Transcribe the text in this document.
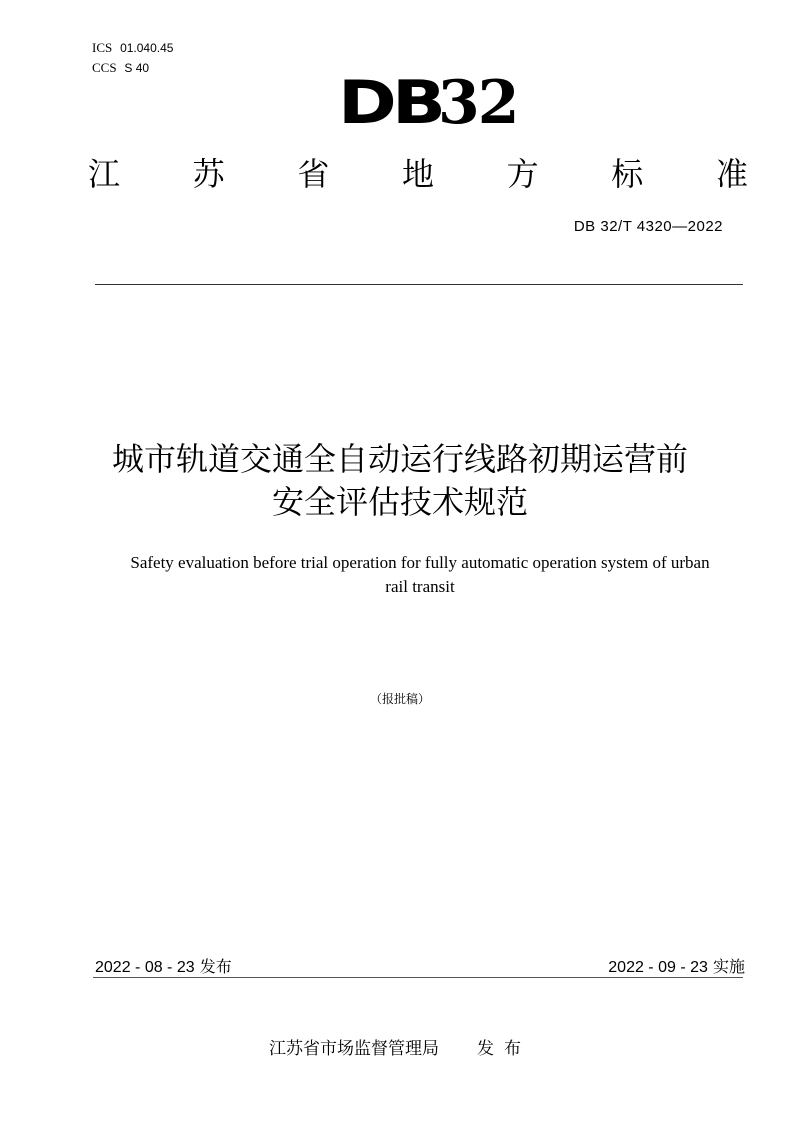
ICS 01.040.45
CCS S 40	DB
32
江 苏 省 地 方 标 准
DB 32/T 4320—2022
城市轨道交通全自动运行线路初期运营前
安全评估技术规范
Safety evaluation before trial operation for fully automatic operation system of urban
rail transit
（报批稿）
2022 - 08 - 23 发布	2022 - 09 - 23 实施
江苏省市场监督管理局 发布
